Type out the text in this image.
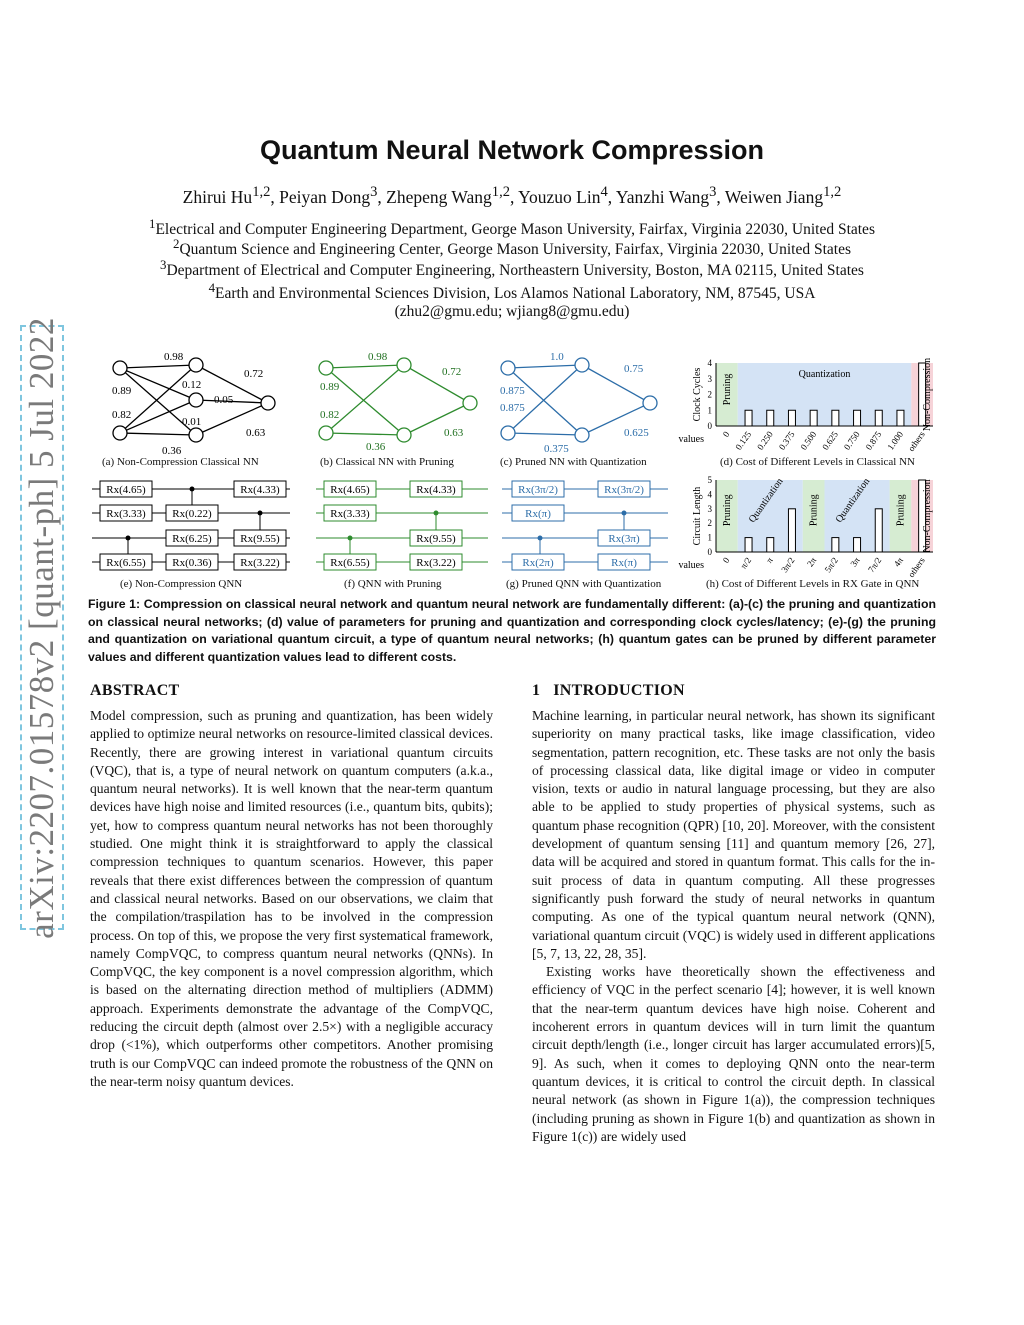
arXiv:2207.01578v2 [quant-ph] 5 Jul 2022
Quantum Neural Network Compression
Zhirui Hu$^{1,2}$, Peiyan Dong$^3$, Zhepeng Wang$^{1,2}$, Youzuo Lin$^4$, Yanzhi Wang$^3$, Weiwen Jiang$^{1,2}$
$^1$Electrical and Computer Engineering Department, George Mason University, Fairfax, Virginia 22030, United States
$^2$Quantum Science and Engineering Center, George Mason University, Fairfax, Virginia 22030, United States
$^3$Department of Electrical and Computer Engineering, Northeastern University, Boston, MA 02115, United States
$^4$Earth and Environmental Sciences Division, Los Alamos National Laboratory, NM, 87545, USA
(zhu2@gmu.edu; wjiang8@gmu.edu)
0.98
0.89	0.12
0.72
0.82
0.05
0.01
0.63
0.36
0.98
0.89
0.72
0.82
0.63
0.36
1.0
0.75
0.875
0.875
0.625
0.375
Rx(4.65)	Rx(4.33)
Rx(3.33) Rx(0.22)
Rx(6.25)	Rx(9.55)
Rx(6.55) Rx(0.36)	Rx(3.22)
Rx(4.65)	Rx(4.33)
Rx(3.33)
Rx(9.55)
Rx(6.55)	Rx(3.22)
Rx(3π/2)	Rx(3π/2)
Rx(π)
Rx(3π)
Rx(2π)	Rx(π)
0
1
2
3
4
Clock Cycles
values 0 0.125 0.250 0.375 0.500 0.625 0.750 0.875 1.000 others
Pruning	Quantization	Non-Compression
0
1
2
3
4
5
Circuit Length
values 0 π/2 π 3π/2 2π 5π/2 3π 7π/2 4π others
Pruning Quantization Pruning Quantization Pruning Non-Compression
(a) Non-Compression Classical NN	(b) Classical NN with Pruning	(c) Pruned NN with Quantization	(d) Cost of Different Levels in Classical NN
(e) Non-Compression QNN	(f) QNN with Pruning	(g) Pruned QNN with Quantization	(h) Cost of Different Levels in RX Gate in QNN
Figure 1: Compression on classical neural network and quantum neural network are fundamentally different: (a)-(c) the pruning and quantization on classical neural networks; (d) value of parameters for pruning and quantization and corresponding clock cycles/latency; (e)-(g) the pruning and quantization on variational quantum circuit, a type of quantum neural networks; (h) quantum gates can be pruned by different parameter values and different quantization values lead to different costs.
ABSTRACT

Model compression, such as pruning and quantization, has been widely applied to optimize neural networks on resource-limited classical devices. Recently, there are growing interest in variational quantum circuits (VQC), that is, a type of neural network on quantum computers (a.k.a., quantum neural networks). It is well known that the near-term quantum devices have high noise and limited resources (i.e., quantum bits, qubits); yet, how to compress quantum neural networks has not been thoroughly studied. One might think it is straightforward to apply the classical compression techniques to quantum scenarios. However, this paper reveals that there exist differences between the compression of quantum and classical neural networks. Based on our observations, we claim that the compilation/traspilation has to be involved in the compression process. On top of this, we propose the very first systematical framework, namely CompVQC, to compress quantum neural networks (QNNs). In CompVQC, the key component is a novel compression algorithm, which is based on the alternating direction method of multipliers (ADMM) approach. Experiments demonstrate the advantage of the CompVQC, reducing the circuit depth (almost over 2.5×) with a negligible accuracy drop (<1%), which outperforms other competitors. Another promising truth is our CompVQC can indeed promote the robustness of the QNN on the near-term noisy quantum devices.

1 INTRODUCTION

Machine learning, in particular neural network, has shown its significant superiority on many practical tasks, like image classification, video segmentation, pattern recognition, etc. These tasks are not only the basis of processing classical data, like digital image or video in computer vision, texts or audio in natural language processing, but they are also able to be applied to study properties of physical systems, such as quantum phase recognition (QPR) [10, 20]. Moreover, with the consistent development of quantum sensing [11] and quantum memory [26, 27], data will be acquired and stored in quantum format. This calls for the in-suit process of data in quantum computing. All these progresses significantly push forward the study of neural networks in quantum computing. As one of the typical quantum neural network (QNN), variational quantum circuit (VQC) is widely used in different applications [5, 7, 13, 22, 28, 35].

Existing works have theoretically shown the effectiveness and efficiency of VQC in the perfect scenario [4]; however, it is well known that the near-term quantum devices have high noise. Coherent and incoherent errors in quantum devices will in turn limit the quantum circuit depth/length (i.e., longer circuit has larger accumulated errors)[5, 9]. As such, when it comes to deploying QNN onto the near-term quantum devices, it is critical to control the circuit depth. In classical neural network (as shown in Figure 1(a)), the compression techniques (including pruning as shown in Figure 1(b) and quantization as shown in Figure 1(c)) are widely used
